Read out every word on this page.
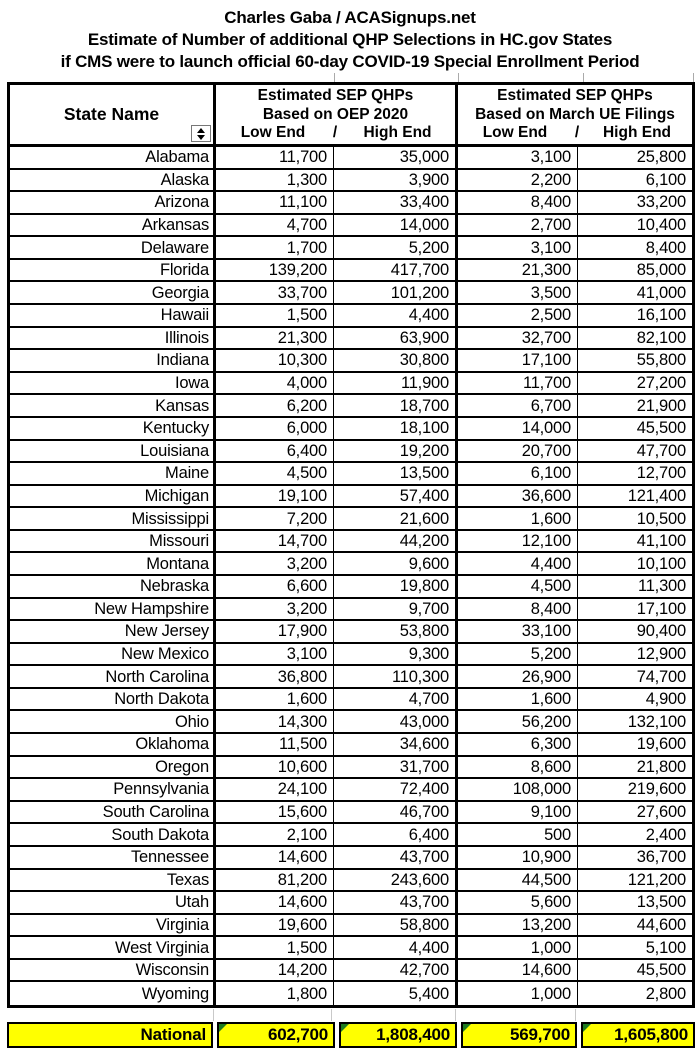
Charles Gaba / ACASignups.net
Estimate of Number of additional QHP Selections in HC.gov States
if CMS were to launch official 60-day COVID-19 Special Enrollment Period
State Name
Estimated SEP QHPs
Based on OEP 2020
Low End	/	High End
Estimated SEP QHPs
Based on March UE Filings
Low End	/	High End
Alabama	11,700	35,000	3,100	25,800
Alaska	1,300	3,900	2,200	6,100
Arizona	11,100	33,400	8,400	33,200
Arkansas	4,700	14,000	2,700	10,400
Delaware	1,700	5,200	3,100	8,400
Florida	139,200	417,700	21,300	85,000
Georgia	33,700	101,200	3,500	41,000
Hawaii	1,500	4,400	2,500	16,100
Illinois	21,300	63,900	32,700	82,100
Indiana	10,300	30,800	17,100	55,800
Iowa	4,000	11,900	11,700	27,200
Kansas	6,200	18,700	6,700	21,900
Kentucky	6,000	18,100	14,000	45,500
Louisiana	6,400	19,200	20,700	47,700
Maine	4,500	13,500	6,100	12,700
Michigan	19,100	57,400	36,600	121,400
Mississippi	7,200	21,600	1,600	10,500
Missouri	14,700	44,200	12,100	41,100
Montana	3,200	9,600	4,400	10,100
Nebraska	6,600	19,800	4,500	11,300
New Hampshire	3,200	9,700	8,400	17,100
New Jersey	17,900	53,800	33,100	90,400
New Mexico	3,100	9,300	5,200	12,900
North Carolina	36,800	110,300	26,900	74,700
North Dakota	1,600	4,700	1,600	4,900
Ohio	14,300	43,000	56,200	132,100
Oklahoma	11,500	34,600	6,300	19,600
Oregon	10,600	31,700	8,600	21,800
Pennsylvania	24,100	72,400	108,000	219,600
South Carolina	15,600	46,700	9,100	27,600
South Dakota	2,100	6,400	500	2,400
Tennessee	14,600	43,700	10,900	36,700
Texas	81,200	243,600	44,500	121,200
Utah	14,600	43,700	5,600	13,500
Virginia	19,600	58,800	13,200	44,600
West Virginia	1,500	4,400	1,000	5,100
Wisconsin	14,200	42,700	14,600	45,500
Wyoming	1,800	5,400	1,000	2,800
National	602,700	1,808,400	569,700	1,605,800
